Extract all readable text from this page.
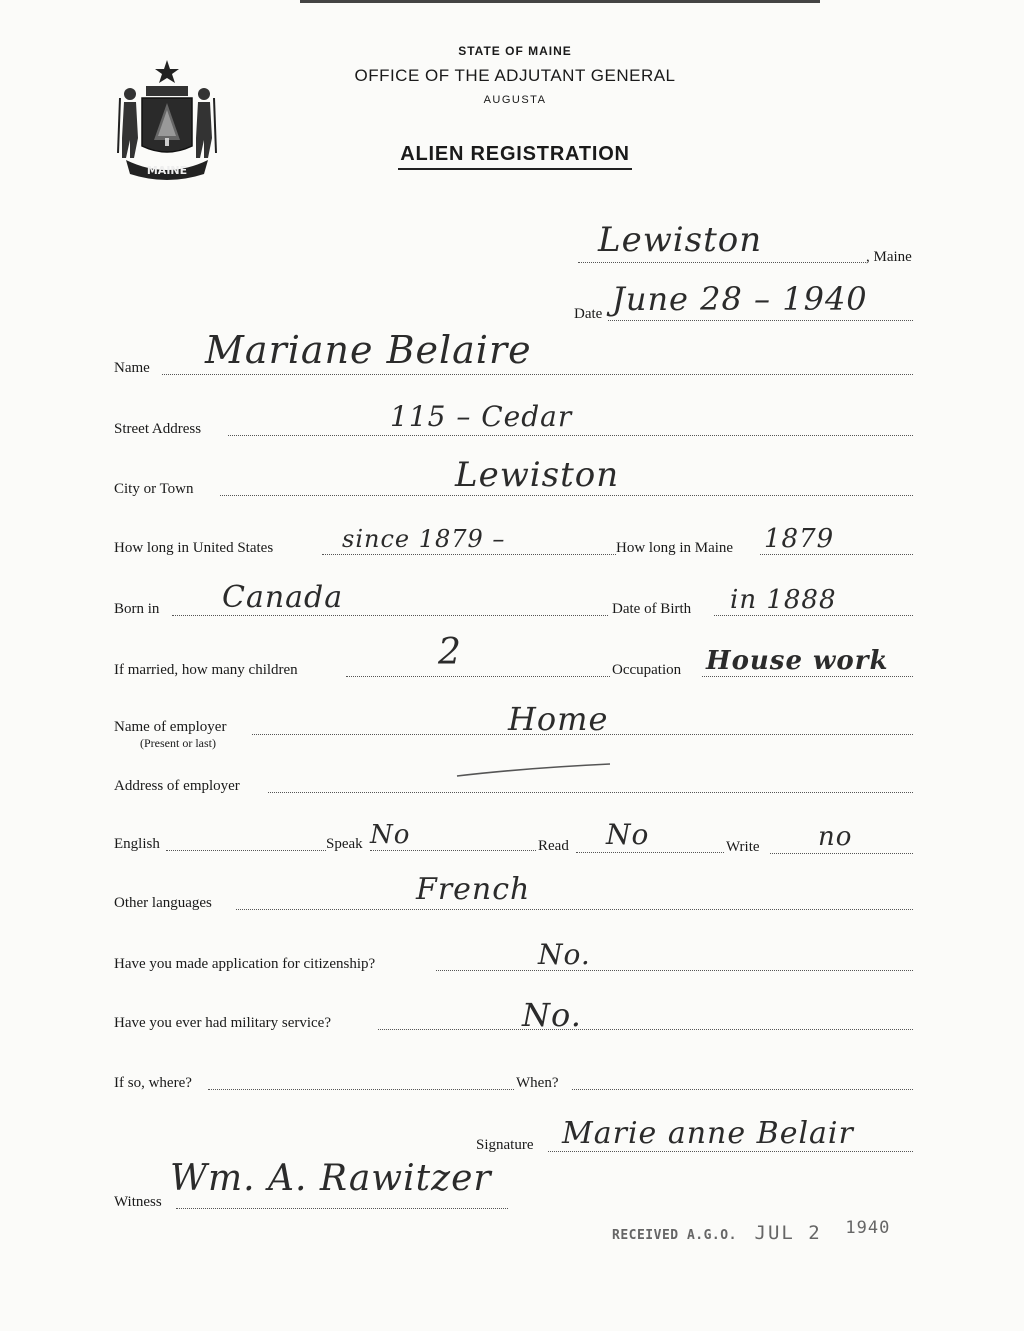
MAINE
STATE OF MAINE
OFFICE OF THE ADJUTANT GENERAL
AUGUSTA
ALIEN REGISTRATION
Lewiston	, Maine
Date June 28 – 1940
Name Mariane Belaire
Street Address	115 – Cedar
City or Town	Lewiston
How long in United States	since 1879 –	How long in Maine 1879
Born in Canada	Date of Birth in 1888
If married, how many children	2	Occupation House work
Name of employer
(Present or last)
Home
Address of employer
English	Speak No	Read No	Write no
Other languages	French
Have you made application for citizenship?	No.
Have you ever had military service?	No.
If so, where?	When?
Signature Marie anne Belair
Witness
Wm. A. Rawitzer
RECEIVED A.G.O. JUL 2 1940
